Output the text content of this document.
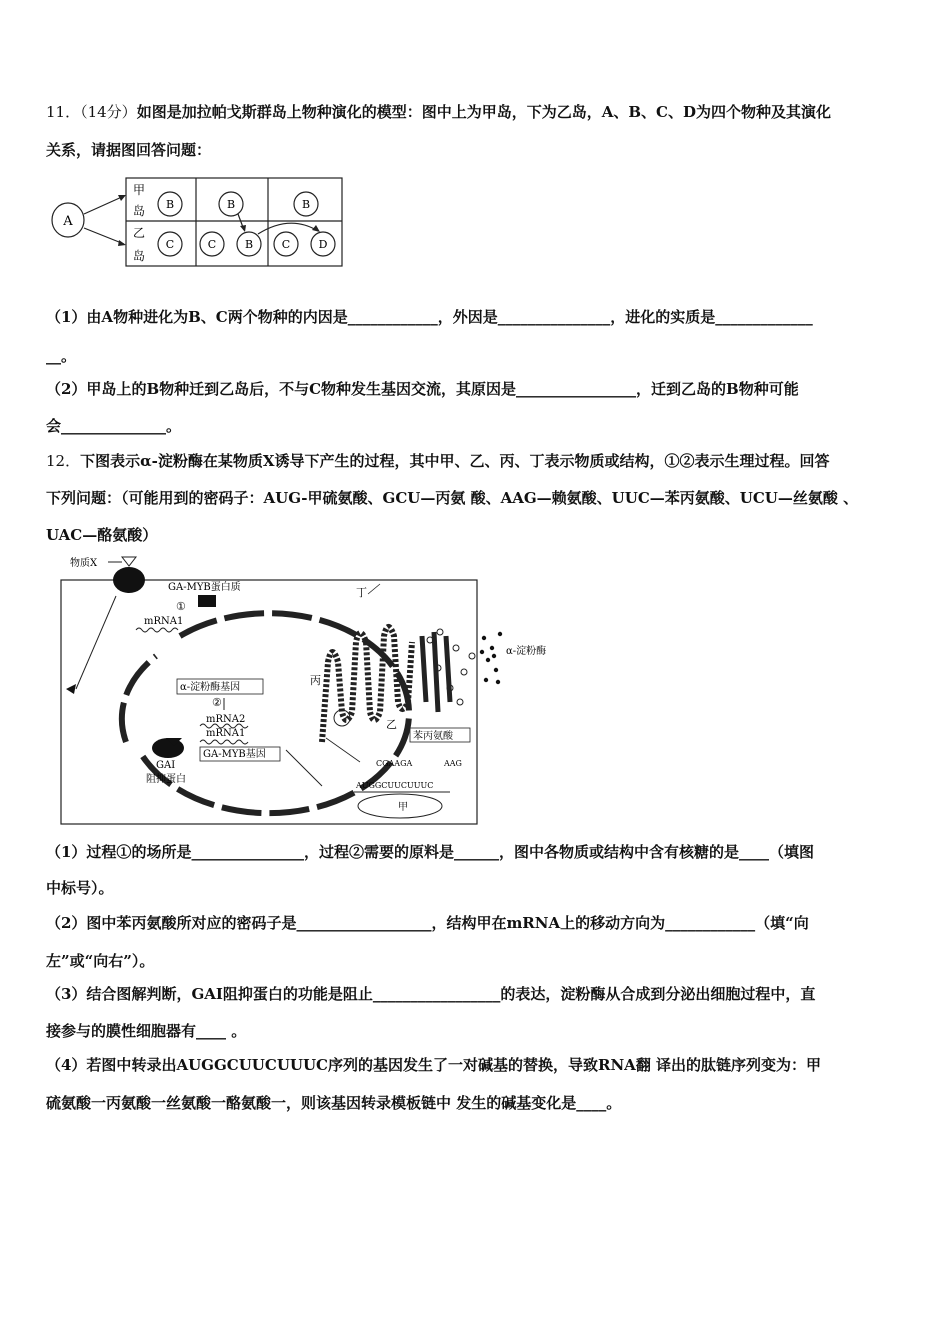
11．（14分）如图是加拉帕戈斯群岛上物种演化的模型：图中上为甲岛，下为乙岛，A、B、C、D为四个物种及其演化
关系，请据图回答问题：
A
甲
岛
乙
岛
B	B	B
C	C	B	C	D
（1）由A物种进化为B、C两个物种的内因是____________，外因是_______________，进化的实质是_____________
__。
（2）甲岛上的B物种迁到乙岛后，不与C物种发生基因交流，其原因是________________，迁到乙岛的B物种可能
会______________。
12．下图表示α-淀粉酶在某物质X诱导下产生的过程，其中甲、乙、丙、丁表示物质或结构，①②表示生理过程。回答
下列问题：（可能用到的密码子：AUG-甲硫氨酸、GCU—丙氨 酸、AAG—赖氨酸、UUC—苯丙氨酸、UCU—丝氨酸 、
UAC—酪氨酸）
物质X
GA-MYB蛋白质
①
mRNA1
α-淀粉酶基因
②
mRNA2
mRNA1
GAI
阻抑蛋白
GA-MYB基因
丁
丙
乙
α-淀粉酶
苯丙氨酸
CGAAGA	AAG
AUGGCUUCUUUC
甲
（1）过程①的场所是_______________，过程②需要的原料是______，图中各物质或结构中含有核糖的是____（填图
中标号）。
（2）图中苯丙氨酸所对应的密码子是__________________，结构甲在mRNA上的移动方向为____________（填“向
左”或“向右”）。
（3）结合图解判断，GAI阻抑蛋白的功能是阻止_________________的表达，淀粉酶从合成到分泌出细胞过程中，直
接参与的膜性细胞器有____ 。
（4）若图中转录出AUGGCUUCUUUC序列的基因发生了一对碱基的替换，导致RNA翻 译出的肽链序列变为：甲
硫氨酸一丙氨酸一丝氨酸一酪氨酸一，则该基因转录模板链中 发生的碱基变化是____。
